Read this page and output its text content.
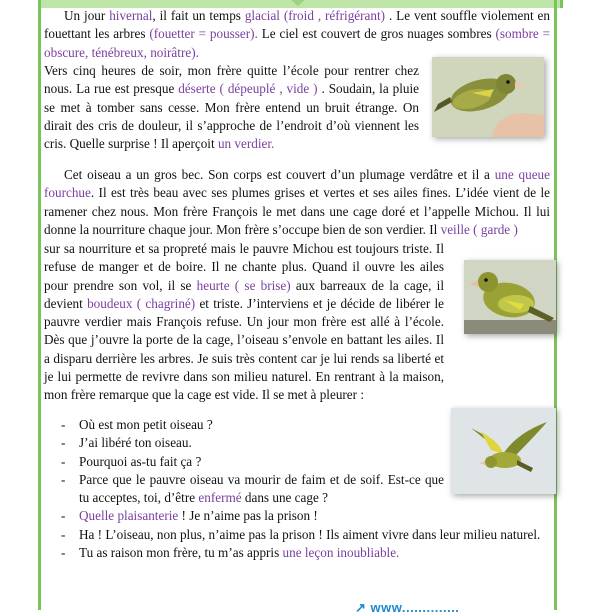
Un jour hivernal, il fait un temps glacial (froid , réfrigérant) . Le vent souffle violement en fouettant les arbres (fouetter = pousser). Le ciel est couvert de gros nuages sombres (sombre = obscure, ténébreux, noirâtre).

Vers cinq heures de soir, mon frère quitte l’école pour rentrer chez nous. La rue est presque déserte ( dépeuplé , vide ) . Soudain, la pluie se met à tomber sans cesse. Mon frère entend un bruit étrange. On dirait des cris de douleur, il s’approche de l’endroit d’où viennent les cris. Quelle surprise ! Il aperçoit un verdier.

Cet oiseau a un gros bec. Son corps est couvert d’un plumage verdâtre et il a une queue fourchue. Il est très beau avec ses plumes grises et vertes et ses ailes fines. L’idée vient de le ramener chez nous. Mon frère François le met dans une cage doré et l’appelle Michou. Il lui donne la nourriture chaque jour. Mon frère s’occupe bien de son verdier. Il veille ( garde )

sur sa nourriture et sa propreté mais le pauvre Michou est toujours triste. Il refuse de manger et de boire. Il ne chante plus. Quand il ouvre les ailes pour prendre son vol, il se heurte ( se brise) aux barreaux de la cage, il devient boudeux ( chagriné) et triste. J’interviens et je décide de libérer le pauvre verdier mais François refuse. Un jour mon frère est allé à l’école. Dès que j’ouvre la porte de la cage, l’oiseau s’envole en battant les ailes. Il a disparu derrière les arbres. Je suis très content car je lui rends sa liberté et je lui permette de revivre dans son milieu naturel. En rentrant à la maison, mon frère remarque que la cage est vide. Il se met à pleurer :

- Où est mon petit oiseau ?
- J’ai libéré ton oiseau.
- Pourquoi as-tu fait ça ?
- Parce que le pauvre oiseau va mourir de faim et de soif. Est-ce que tu acceptes, toi, d’être enfermé dans une cage ?
- Quelle plaisanterie ! Je n’aime pas la prison !
- Ha ! L’oiseau, non plus, n’aime pas la prison ! Ils aiment vivre dans leur milieu naturel.
- Tu as raison mon frère, tu m’as appris une leçon inoubliable.
↗ www..............
